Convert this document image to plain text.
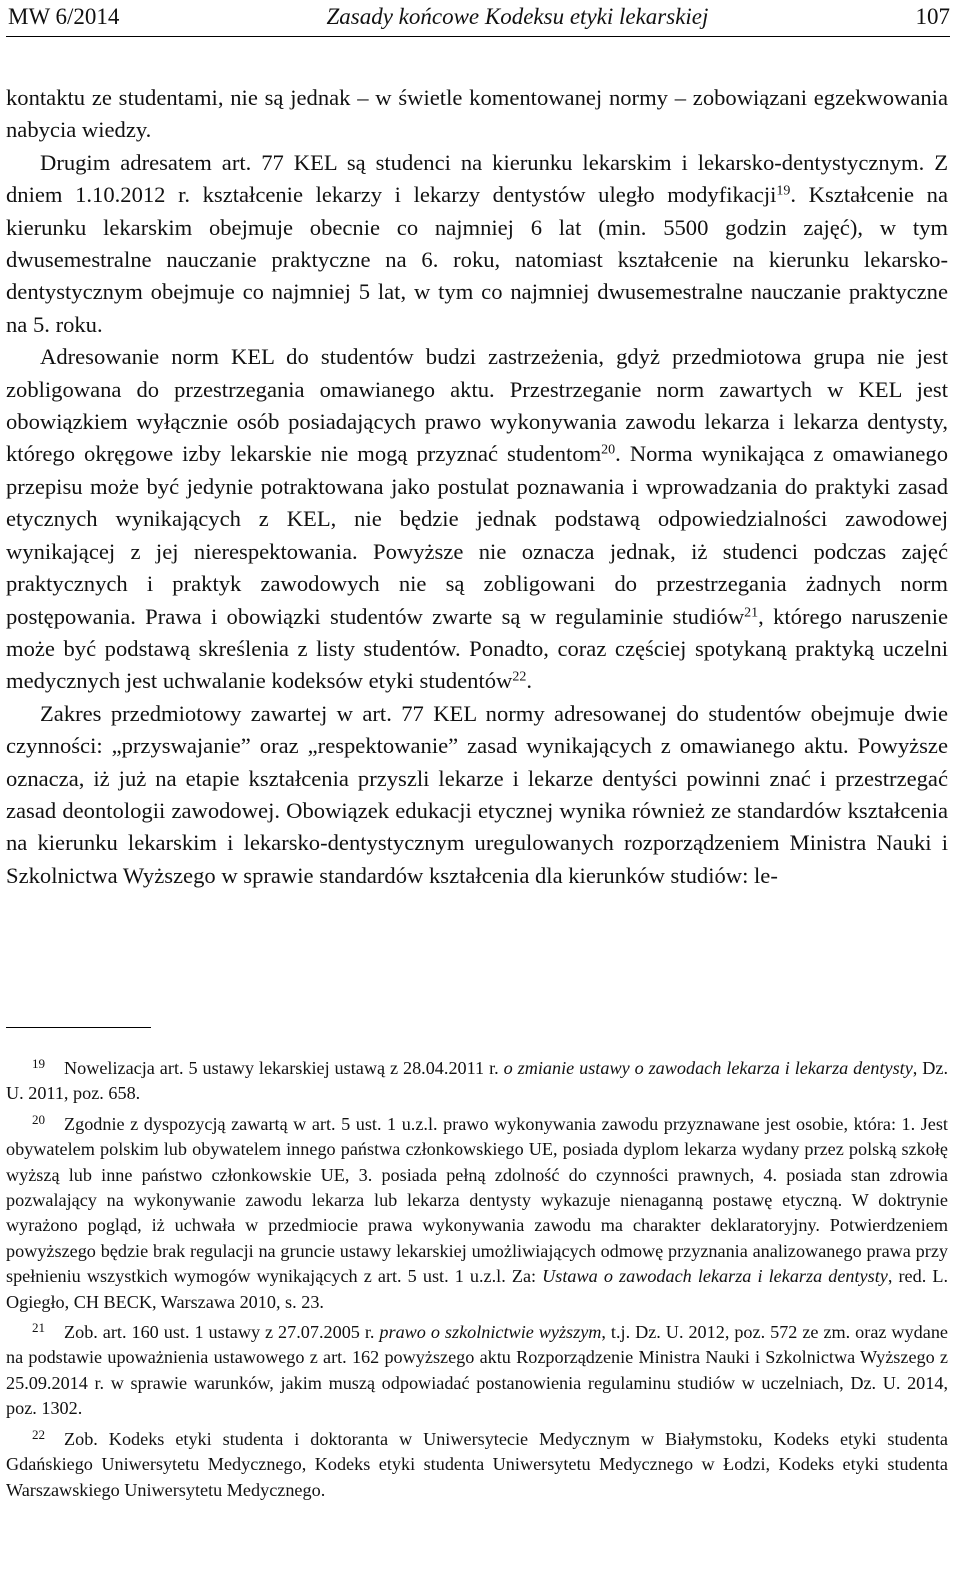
MW 6/2014	Zasady końcowe Kodeksu etyki lekarskiej	107

kontaktu ze studentami, nie są jednak – w świetle komentowanej normy – zobowiązani egzekwowania nabycia wiedzy.

Drugim adresatem art. 77 KEL są studenci na kierunku lekarskim i lekarsko-dentystycznym. Z dniem 1.10.2012 r. kształcenie lekarzy i lekarzy dentystów uległo modyfikacji$^{19}$. Kształcenie na kierunku lekarskim obejmuje obecnie co najmniej 6 lat (min. 5500 godzin zajęć), w tym dwusemestralne nauczanie praktyczne na 6. roku, natomiast kształcenie na kierunku lekarsko-dentystycznym obejmuje co najmniej 5 lat, w tym co najmniej dwusemestralne nauczanie praktyczne na 5. roku.

Adresowanie norm KEL do studentów budzi zastrzeżenia, gdyż przedmiotowa grupa nie jest zobligowana do przestrzegania omawianego aktu. Przestrzeganie norm zawartych w KEL jest obowiązkiem wyłącznie osób posiadających prawo wykonywania zawodu lekarza i lekarza dentysty, którego okręgowe izby lekarskie nie mogą przyznać studentom$^{20}$. Norma wynikająca z omawianego przepisu może być jedynie potraktowana jako postulat poznawania i wprowadzania do praktyki zasad etycznych wynikających z KEL, nie będzie jednak podstawą odpowiedzialności zawodowej wynikającej z jej nierespektowania. Powyższe nie oznacza jednak, iż studenci podczas zajęć praktycznych i praktyk zawodowych nie są zobligowani do przestrzegania żadnych norm postępowania. Prawa i obowiązki studentów zwarte są w regulaminie studiów$^{21}$, którego naruszenie może być podstawą skreślenia z listy studentów. Ponadto, coraz częściej spotykaną praktyką uczelni medycznych jest uchwalanie kodeksów etyki studentów$^{22}$.

Zakres przedmiotowy zawartej w art. 77 KEL normy adresowanej do studentów obejmuje dwie czynności: „przyswajanie” oraz „respektowanie” zasad wynikających z omawianego aktu. Powyższe oznacza, iż już na etapie kształcenia przyszli lekarze i lekarze dentyści powinni znać i przestrzegać zasad deontologii zawodowej. Obowiązek edukacji etycznej wynika również ze standardów kształcenia na kierunku lekarskim i lekarsko-dentystycznym uregulowanych rozporządzeniem Ministra Nauki i Szkolnictwa Wyższego w sprawie standardów kształcenia dla kierunków studiów: le-

$^{19}$ Nowelizacja art. 5 ustawy lekarskiej ustawą z 28.04.2011 r. o zmianie ustawy o zawodach lekarza i lekarza dentysty, Dz. U. 2011, poz. 658.

$^{20}$ Zgodnie z dyspozycją zawartą w art. 5 ust. 1 u.z.l. prawo wykonywania zawodu przyznawane jest osobie, która: 1. Jest obywatelem polskim lub obywatelem innego państwa członkowskiego UE, posiada dyplom lekarza wydany przez polską szkołę wyższą lub inne państwo członkowskie UE, 3. posiada pełną zdolność do czynności prawnych, 4. posiada stan zdrowia pozwalający na wykonywanie zawodu lekarza lub lekarza dentysty wykazuje nienaganną postawę etyczną. W doktrynie wyrażono pogląd, iż uchwała w przedmiocie prawa wykonywania zawodu ma charakter deklaratoryjny. Potwierdzeniem powyższego będzie brak regulacji na gruncie ustawy lekarskiej umożliwiających odmowę przyznania analizowanego prawa przy spełnieniu wszystkich wymogów wynikających z art. 5 ust. 1 u.z.l. Za: Ustawa o zawodach lekarza i lekarza dentysty, red. L. Ogiegło, CH BECK, Warszawa 2010, s. 23.

$^{21}$ Zob. art. 160 ust. 1 ustawy z 27.07.2005 r. prawo o szkolnictwie wyższym, t.j. Dz. U. 2012, poz. 572 ze zm. oraz wydane na podstawie upoważnienia ustawowego z art. 162 powyższego aktu Rozporządzenie Ministra Nauki i Szkolnictwa Wyższego z 25.09.2014 r. w sprawie warunków, jakim muszą odpowiadać postanowienia regulaminu studiów w uczelniach, Dz. U. 2014, poz. 1302.

$^{22}$ Zob. Kodeks etyki studenta i doktoranta w Uniwersytecie Medycznym w Białymstoku, Kodeks etyki studenta Gdańskiego Uniwersytetu Medycznego, Kodeks etyki studenta Uniwersytetu Medycznego w Łodzi, Kodeks etyki studenta Warszawskiego Uniwersytetu Medycznego.
